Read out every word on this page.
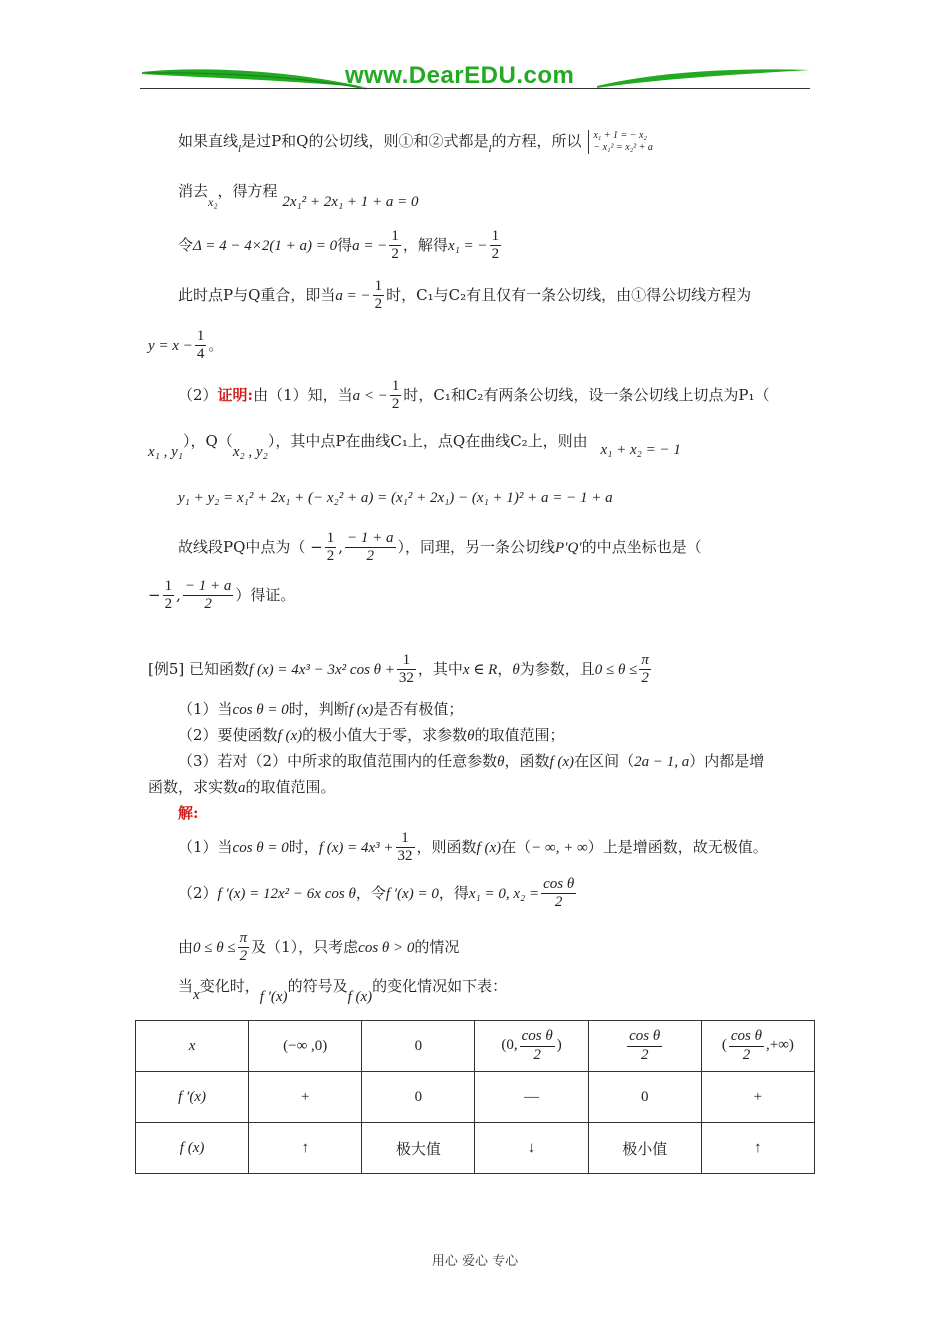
www.DearEDU.com
如果直线$_l$是过P和Q的公切线，则①和②式都是$_l$的方程，所以 x₁ + 1 = − x₂
− x₁² = x₂² + a
消去$_{x_2}$，得方程 2x₁² + 2x₁ + 1 + a = 0
令Δ = 4 − 4×2(1 + a) = 0得a = − $\frac{1}{2}$ ，解得x₁ = − $\frac{1}{2}$
此时点P与Q重合，即当a = − $\frac{1}{2}$ 时，C₁与C₂有且仅有一条公切线，由①得公切线方程为
$y = x - \frac{1}{4}$ 。
（2）证明:由（1）知，当a < − $\frac{1}{2}$ 时，C₁和C₂有两条公切线，设一条公切线上切点为P₁（
x₁ , y₁），Q（x₂ , y₂），其中点P在曲线C₁上，点Q在曲线C₂上，则由 x₁ + x₂ = − 1
y₁ + y₂ = x₁² + 2x₁ + (− x₂² + a) = (x₁² + 2x₁) − (x₁ + 1)² + a = − 1 + a
故线段PQ中点为（ − $\frac{1}{2}$ , $\frac{- 1 + a}{2}$ ），同理，另一条公切线P′Q′的中点坐标也是（
− $\frac{1}{2}$ , $\frac{- 1 + a}{2}$ ）得证。
[例5] 已知函数f (x) = 4x³ − 3x² $\cos \theta + \frac{1}{32}$ ，其中x ∈ R，θ为参数，且$0 \le \theta \le \frac{\pi}{2}$
（1）当cos θ = 0时，判断f (x)是否有极值；
（2）要使函数f (x)的极小值大于零，求参数θ的取值范围；
（3）若对（2）中所求的取值范围内的任意参数θ，函数f (x)在区间（2a − 1, a）内都是增
函数，求实数a的取值范围。
解:
（1）当cos θ = 0时，f $(x) = 4x^3 + \frac{1}{32}$ ，则函数f (x)在（− ∞, + ∞）上是增函数，故无极值。
（2）f ′(x) = 12x² − 6x cos θ，令f ′(x) = 0，得x₁ = 0, $x_2 = \frac{\text{cos θ}}{2}$
由$0 \le \theta \le \frac{\pi}{2}$ 及（1），只考虑cos θ > 0的情况
当x变化时，f ′(x)的符号及f (x)的变化情况如下表：
x	(−∞ ,0)	0	(0, $\frac{\text{cos θ}}{2}$ )	$\frac{\text{cos θ}}{2}$	( $\frac{\text{cos θ}}{2}$ ,+∞)
f ′(x)	+	0	—	0	+
f (x)	↑	极大值	↓	极小值	↑
用心 爱心 专心
